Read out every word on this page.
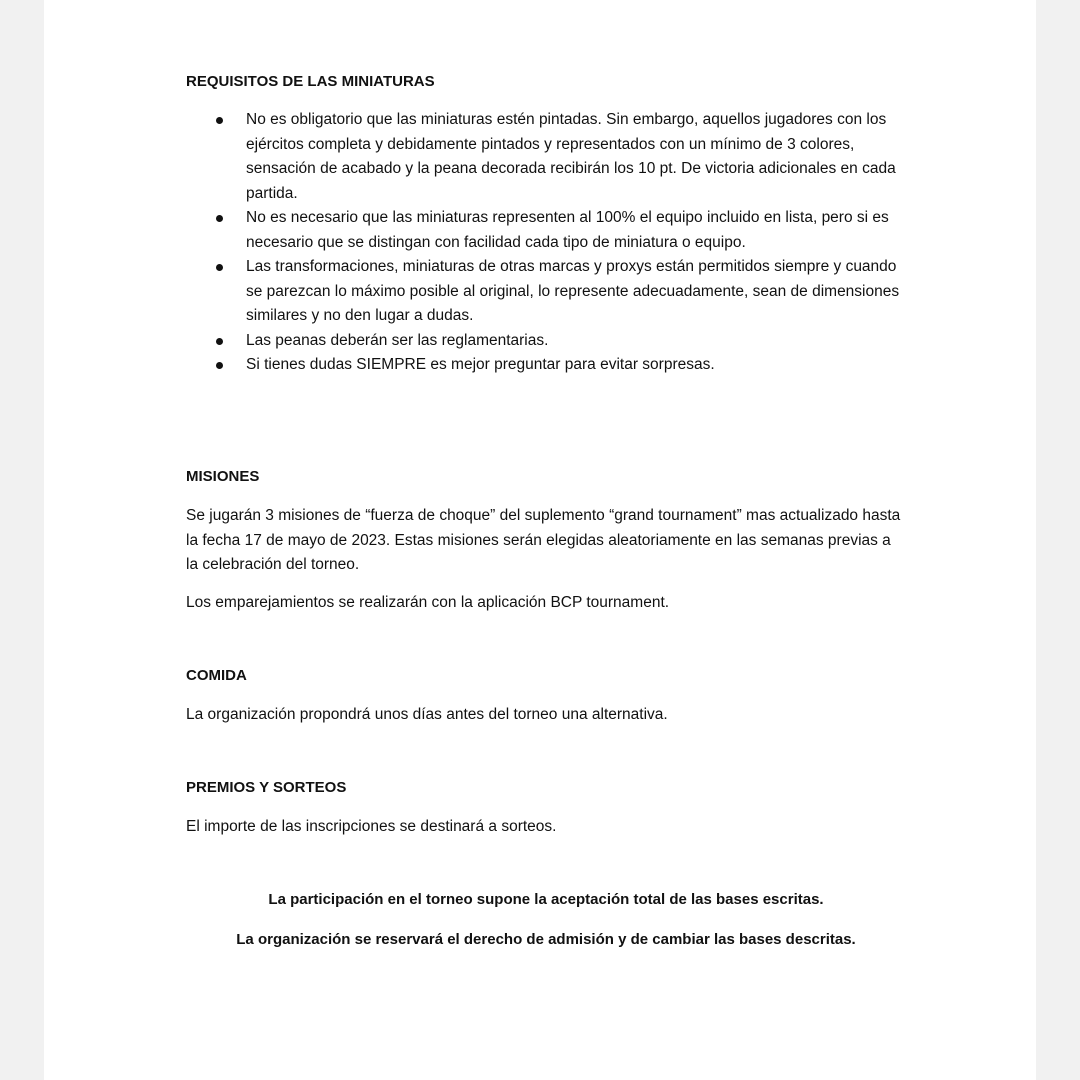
REQUISITOS DE LAS MINIATURAS
No es obligatorio que las miniaturas estén pintadas. Sin embargo, aquellos jugadores con los ejércitos completa y debidamente pintados y representados con un mínimo de 3 colores, sensación de acabado y la peana decorada recibirán los 10 pt. De victoria adicionales en cada partida.
No es necesario que las miniaturas representen al 100% el equipo incluido en lista, pero si es necesario que se distingan con facilidad cada tipo de miniatura o equipo.
Las transformaciones, miniaturas de otras marcas y proxys están permitidos siempre y cuando se parezcan lo máximo posible al original, lo represente adecuadamente, sean de dimensiones similares y no den lugar a dudas.
Las peanas deberán ser las reglamentarias.
Si tienes dudas SIEMPRE es mejor preguntar para evitar sorpresas.
MISIONES

Se jugarán 3 misiones de “fuerza de choque” del suplemento “grand tournament” mas actualizado hasta la fecha 17 de mayo de 2023. Estas misiones serán elegidas aleatoriamente en las semanas previas a la celebración del torneo.

Los emparejamientos se realizarán con la aplicación BCP tournament.

COMIDA

La organización propondrá unos días antes del torneo una alternativa.

PREMIOS Y SORTEOS

El importe de las inscripciones se destinará a sorteos.

La participación en el torneo supone la aceptación total de las bases escritas.

La organización se reservará el derecho de admisión y de cambiar las bases descritas.
